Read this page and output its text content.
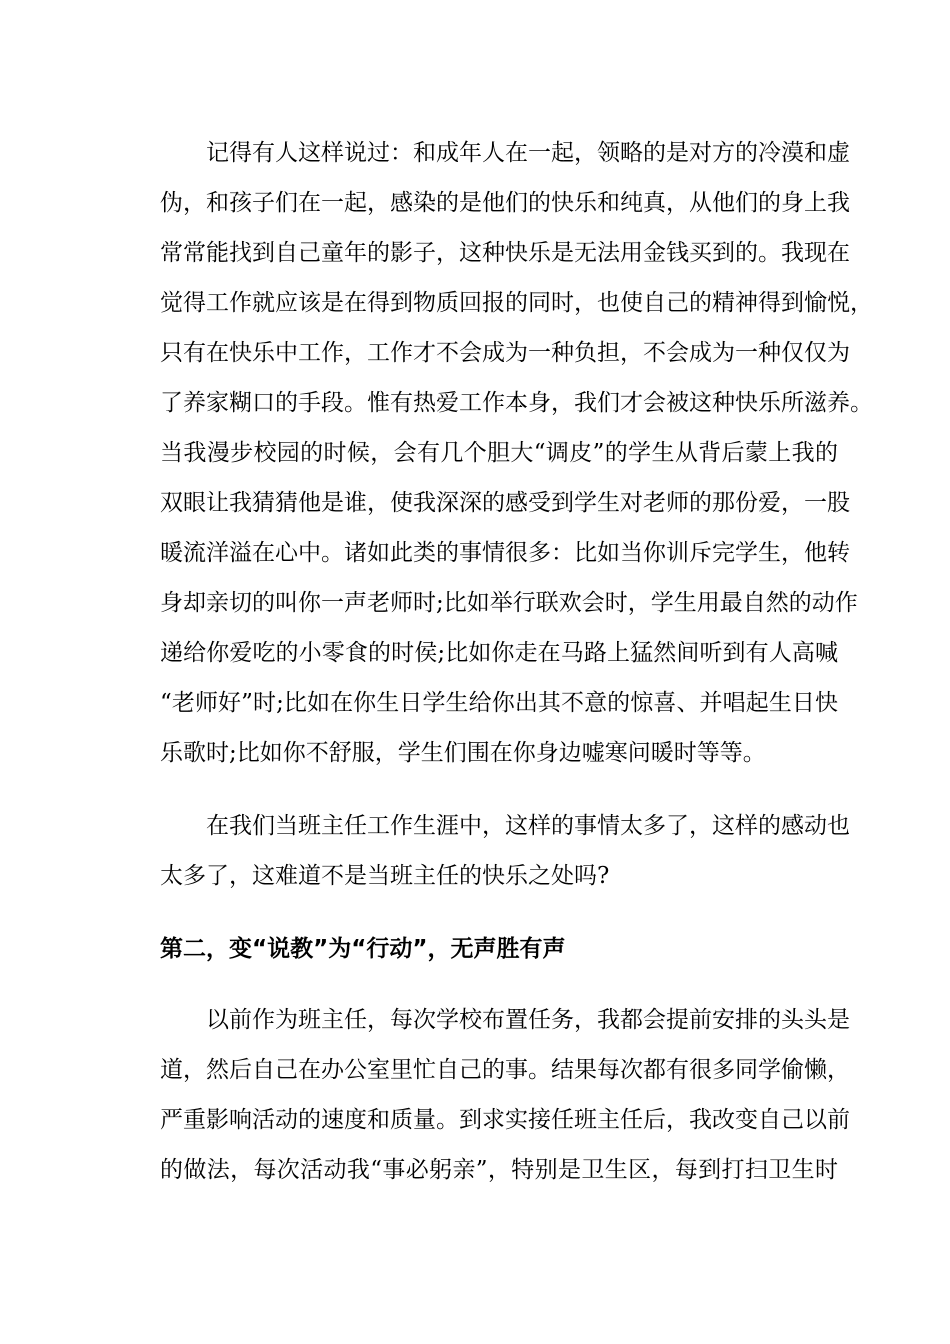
记得有人这样说过：和成年人在一起，领略的是对方的冷漠和虚
伪，和孩子们在一起，感染的是他们的快乐和纯真，从他们的身上我
常常能找到自己童年的影子，这种快乐是无法用金钱买到的。我现在
觉得工作就应该是在得到物质回报的同时，也使自己的精神得到愉悦，
只有在快乐中工作，工作才不会成为一种负担，不会成为一种仅仅为
了养家糊口的手段。惟有热爱工作本身，我们才会被这种快乐所滋养。
当我漫步校园的时候，会有几个胆大“调皮”的学生从背后蒙上我的
双眼让我猜猜他是谁，使我深深的感受到学生对老师的那份爱，一股
暖流洋溢在心中。诸如此类的事情很多：比如当你训斥完学生，他转
身却亲切的叫你一声老师时;比如举行联欢会时，学生用最自然的动作
递给你爱吃的小零食的时侯;比如你走在马路上猛然间听到有人高喊
“老师好”时;比如在你生日学生给你出其不意的惊喜、并唱起生日快
乐歌时;比如你不舒服，学生们围在你身边嘘寒问暖时等等。
在我们当班主任工作生涯中，这样的事情太多了，这样的感动也
太多了，这难道不是当班主任的快乐之处吗?
第二，变“说教”为“行动”，无声胜有声
以前作为班主任，每次学校布置任务，我都会提前安排的头头是
道，然后自己在办公室里忙自己的事。结果每次都有很多同学偷懒，
严重影响活动的速度和质量。到求实接任班主任后，我改变自己以前
的做法，每次活动我“事必躬亲”，特别是卫生区，每到打扫卫生时
